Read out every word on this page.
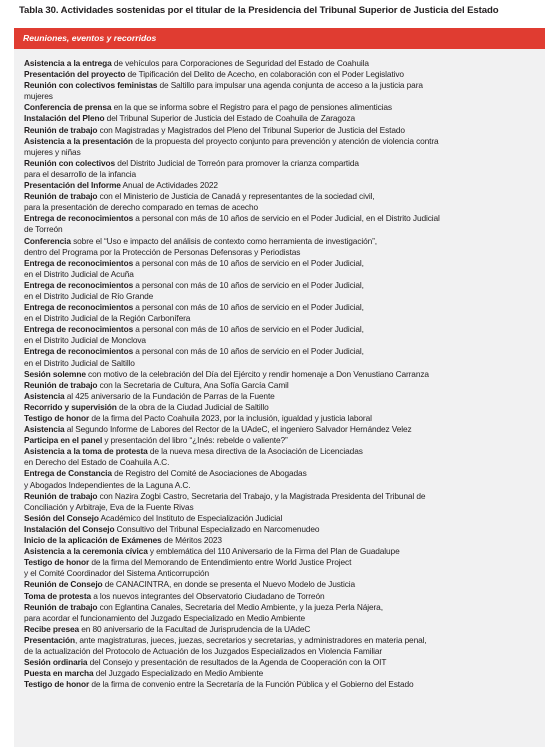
Tabla 30. Actividades sostenidas por el titular de la Presidencia del Tribunal Superior de Justicia del Estado
Reuniones, eventos y recorridos
Asistencia a la entrega de vehículos para Corporaciones de Seguridad del Estado de Coahuila
Presentación del proyecto de Tipificación del Delito de Acecho, en colaboración con el Poder Legislativo
Reunión con colectivos feministas de Saltillo para impulsar una agenda conjunta de acceso a la justicia para
mujeres
Conferencia de prensa en la que se informa sobre el Registro para el pago de pensiones alimenticias
Instalación del Pleno del Tribunal Superior de Justicia del Estado de Coahuila de Zaragoza
Reunión de trabajo con Magistradas y Magistrados del Pleno del Tribunal Superior de Justicia del Estado
Asistencia a la presentación de la propuesta del proyecto conjunto para prevención y atención de violencia contra
mujeres y niñas
Reunión con colectivos del Distrito Judicial de Torreón para promover la crianza compartida
para el desarrollo de la infancia
Presentación del Informe Anual de Actividades 2022
Reunión de trabajo con el Ministerio de Justicia de Canadá y representantes de la sociedad civil,
para la presentación de derecho comparado en temas de acecho
Entrega de reconocimientos a personal con más de 10 años de servicio en el Poder Judicial, en el Distrito Judicial
de Torreón
Conferencia sobre el “Uso e impacto del análisis de contexto como herramienta de investigación”,
dentro del Programa por la Protección de Personas Defensoras y Periodistas
Entrega de reconocimientos a personal con más de 10 años de servicio en el Poder Judicial,
en el Distrito Judicial de Acuña
Entrega de reconocimientos a personal con más de 10 años de servicio en el Poder Judicial,
en el Distrito Judicial de Río Grande
Entrega de reconocimientos a personal con más de 10 años de servicio en el Poder Judicial,
en el Distrito Judicial de la Región Carbonífera
Entrega de reconocimientos a personal con más de 10 años de servicio en el Poder Judicial,
en el Distrito Judicial de Monclova
Entrega de reconocimientos a personal con más de 10 años de servicio en el Poder Judicial,
en el Distrito Judicial de Saltillo
Sesión solemne con motivo de la celebración del Día del Ejército y rendir homenaje a Don Venustiano Carranza
Reunión de trabajo con la Secretaria de Cultura, Ana Sofía García Camil
Asistencia al 425 aniversario de la Fundación de Parras de la Fuente
Recorrido y supervisión de la obra de la Ciudad Judicial de Saltillo
Testigo de honor de la firma del Pacto Coahuila 2023, por la inclusión, igualdad y justicia laboral
Asistencia al Segundo Informe de Labores del Rector de la UAdeC, el ingeniero Salvador Hernández Velez
Participa en el panel y presentación del libro “¿Inés: rebelde o valiente?”
Asistencia a la toma de protesta de la nueva mesa directiva de la Asociación de Licenciadas
en Derecho del Estado de Coahuila A.C.
Entrega de Constancia de Registro del Comité de Asociaciones de Abogadas
y Abogados Independientes de la Laguna A.C.
Reunión de trabajo con Nazira Zogbi Castro, Secretaria del Trabajo, y la Magistrada Presidenta del Tribunal de
Conciliación y Arbitraje, Eva de la Fuente Rivas
Sesión del Consejo Académico del Instituto de Especialización Judicial
Instalación del Consejo Consultivo del Tribunal Especializado en Narcomenudeo
Inicio de la aplicación de Exámenes de Méritos 2023
Asistencia a la ceremonia cívica y emblemática del 110 Aniversario de la Firma del Plan de Guadalupe
Testigo de honor de la firma del Memorando de Entendimiento entre World Justice Project
y el Comité Coordinador del Sistema Anticorrupción
Reunión de Consejo de CANACINTRA, en donde se presenta el Nuevo Modelo de Justicia
Toma de protesta a los nuevos integrantes del Observatorio Ciudadano de Torreón
Reunión de trabajo con Eglantina Canales, Secretaria del Medio Ambiente, y la jueza Perla Nájera,
para acordar el funcionamiento del Juzgado Especializado en Medio Ambiente
Recibe presea en 80 aniversario de la Facultad de Jurisprudencia de la UAdeC
Presentación, ante magistraturas, jueces, juezas, secretarios y secretarias, y administradores en materia penal,
de la actualización del Protocolo de Actuación de los Juzgados Especializados en Violencia Familiar
Sesión ordinaria del Consejo y presentación de resultados de la Agenda de Cooperación con la OIT
Puesta en marcha del Juzgado Especializado en Medio Ambiente
Testigo de honor de la firma de convenio entre la Secretaría de la Función Pública y el Gobierno del Estado
